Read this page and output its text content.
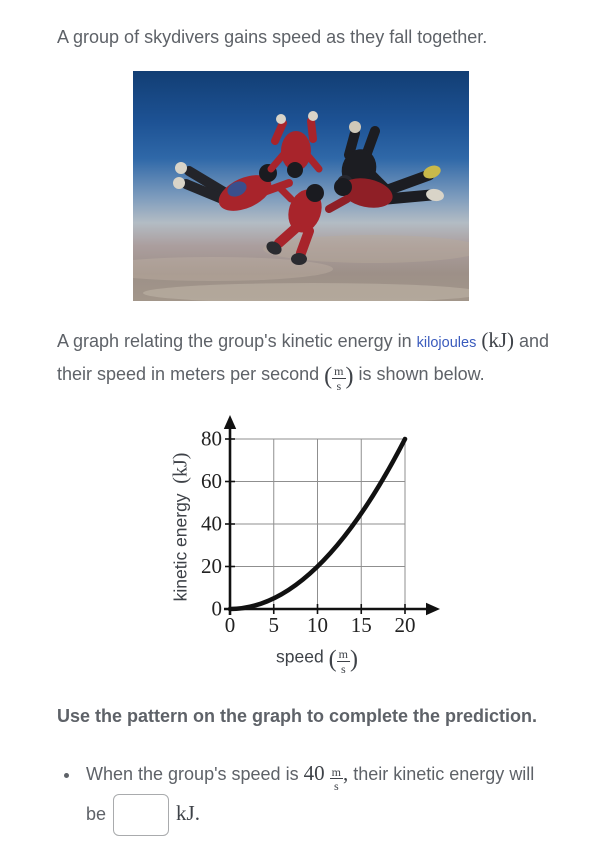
A group of skydivers gains speed as they fall together.

A graph relating the group's kinetic energy in kilojoules (kJ) and their speed in meters per second ( $\frac{m}{s}$ ) is shown below.

0 5 10 15 20
0
20
40
60
80
kinetic energy  (kJ)
speed ( $\frac{m}{s}$ )

Use the pattern on the graph to complete the prediction.

• When the group's speed is $40 \frac{m}{s}$ , their kinetic energy will be	kJ.
